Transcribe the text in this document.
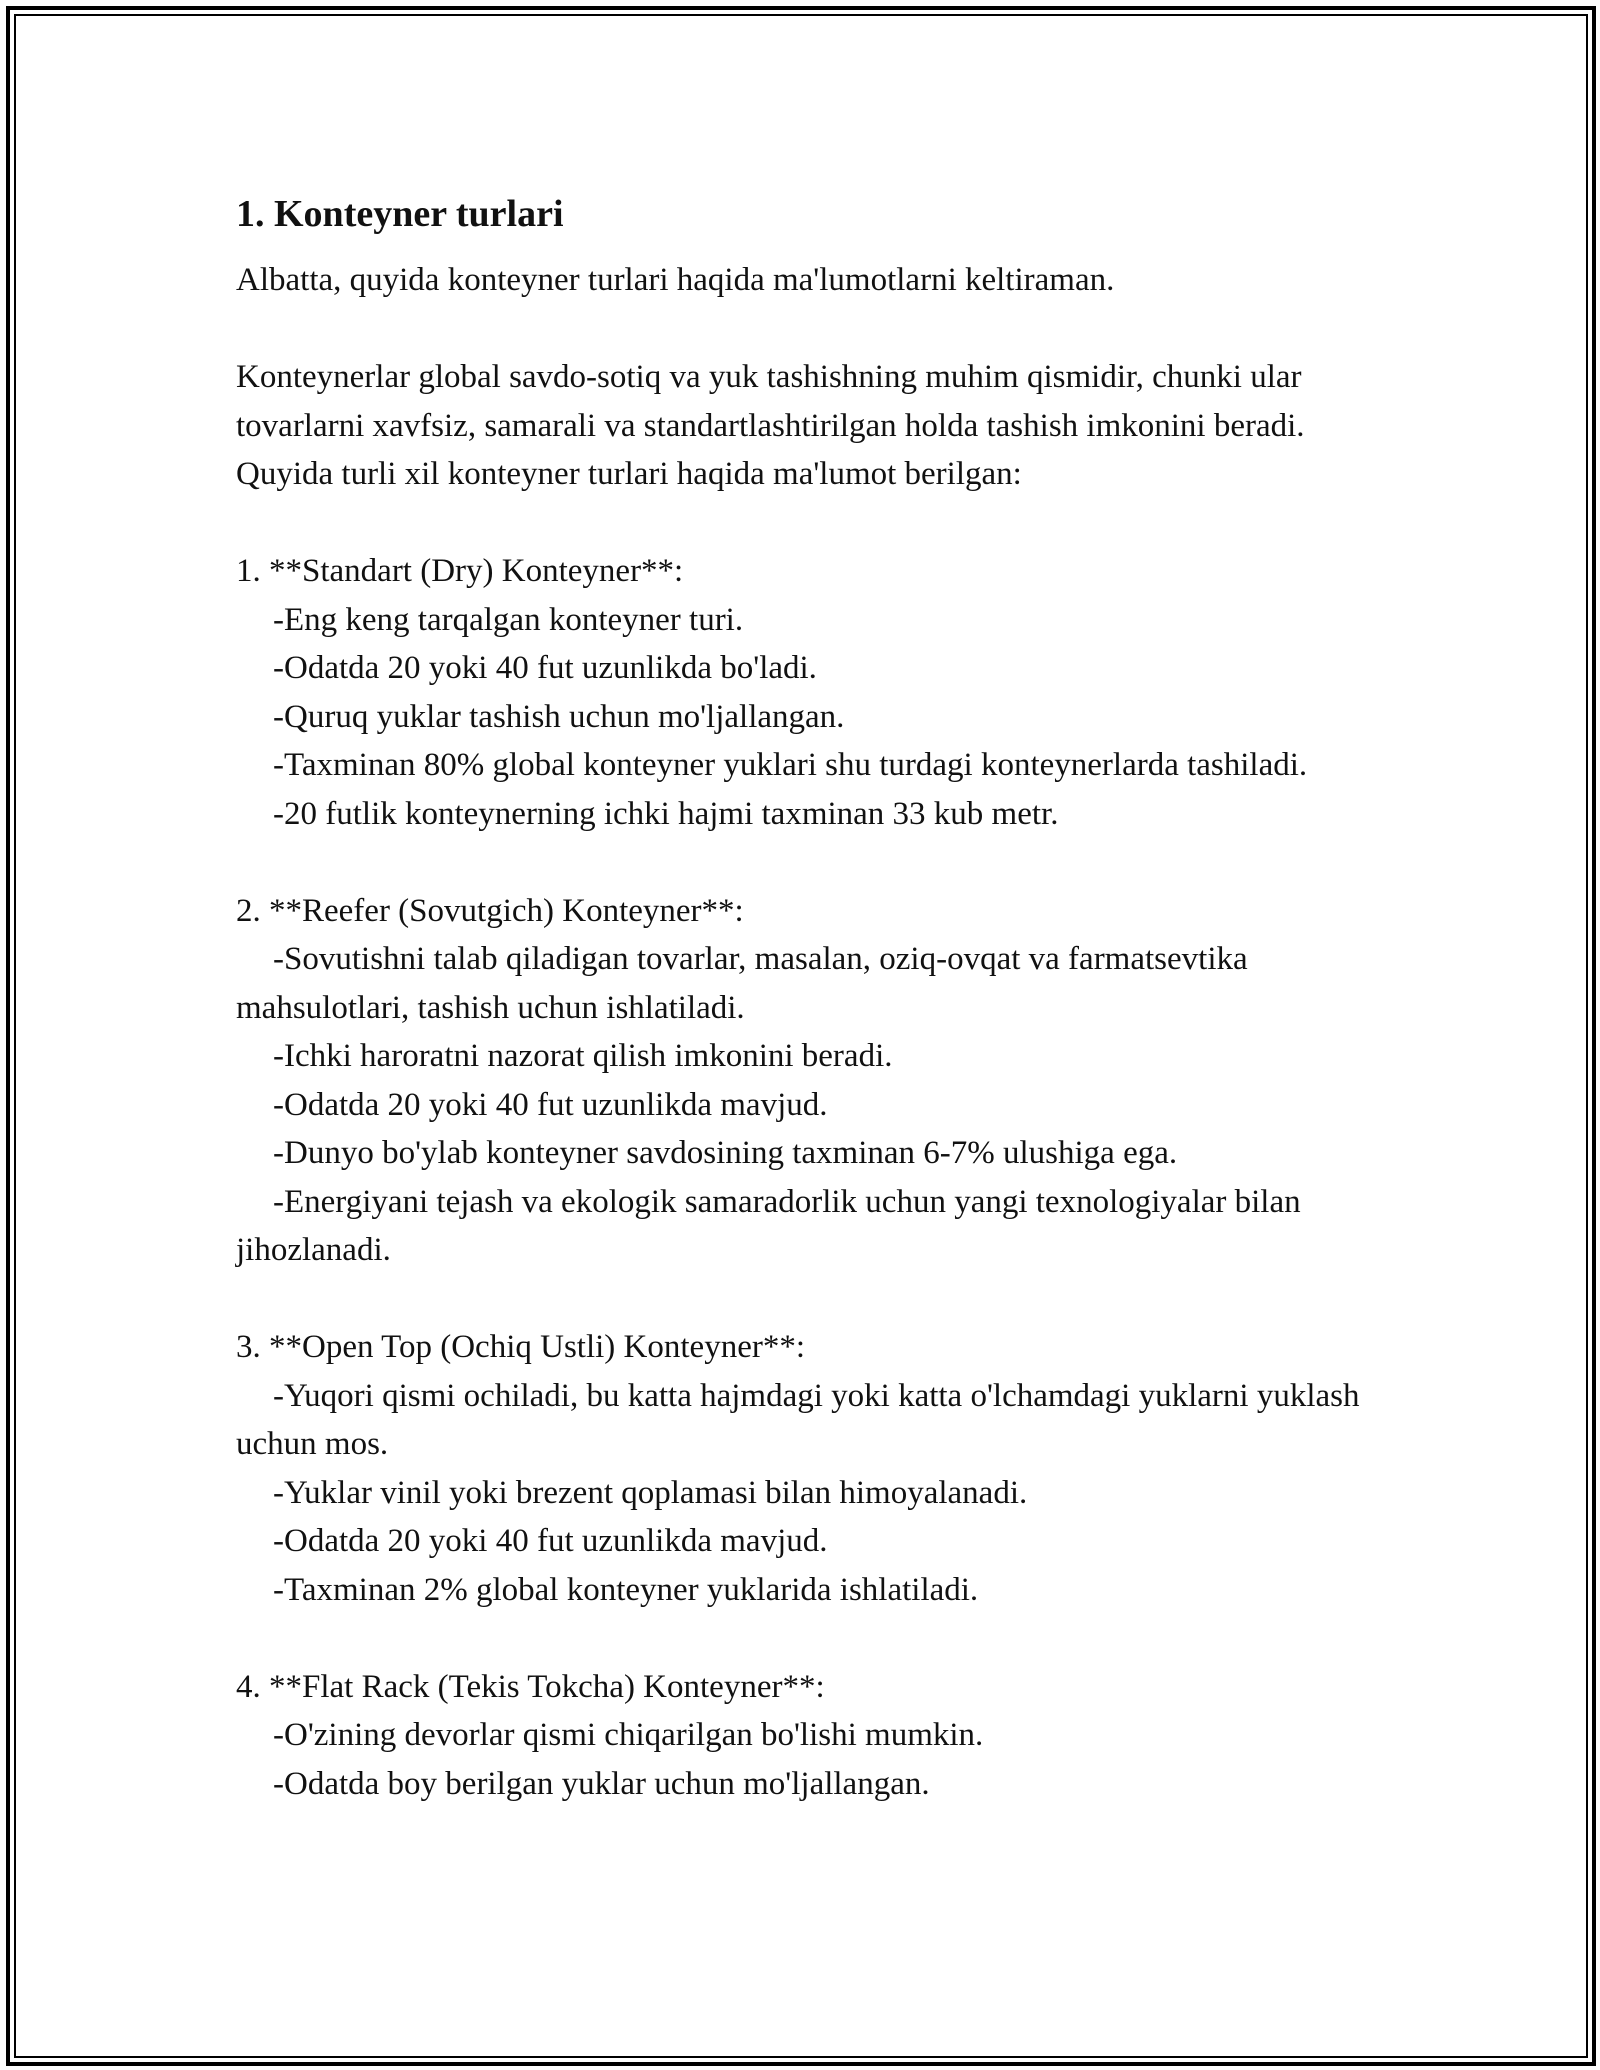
1. Konteyner turlari

Albatta, quyida konteyner turlari haqida ma'lumotlarni keltiraman.

Konteynerlar global savdo-sotiq va yuk tashishning muhim qismidir, chunki ular tovarlarni xavfsiz, samarali va standartlashtirilgan holda tashish imkonini beradi. Quyida turli xil konteyner turlari haqida ma'lumot berilgan:

1. **Standart (Dry) Konteyner**:

-Eng keng tarqalgan konteyner turi.

-Odatda 20 yoki 40 fut uzunlikda bo'ladi.

-Quruq yuklar tashish uchun mo'ljallangan.

-Taxminan 80% global konteyner yuklari shu turdagi konteynerlarda tashiladi.

-20 futlik konteynerning ichki hajmi taxminan 33 kub metr.

2. **Reefer (Sovutgich) Konteyner**:

-Sovutishni talab qiladigan tovarlar, masalan, oziq-ovqat va farmatsevtika mahsulotlari, tashish uchun ishlatiladi.

-Ichki haroratni nazorat qilish imkonini beradi.

-Odatda 20 yoki 40 fut uzunlikda mavjud.

-Dunyo bo'ylab konteyner savdosining taxminan 6-7% ulushiga ega.

-Energiyani tejash va ekologik samaradorlik uchun yangi texnologiyalar bilan jihozlanadi.

3. **Open Top (Ochiq Ustli) Konteyner**:

-Yuqori qismi ochiladi, bu katta hajmdagi yoki katta o'lchamdagi yuklarni yuklash uchun mos.

-Yuklar vinil yoki brezent qoplamasi bilan himoyalanadi.

-Odatda 20 yoki 40 fut uzunlikda mavjud.

-Taxminan 2% global konteyner yuklarida ishlatiladi.

4. **Flat Rack (Tekis Tokcha) Konteyner**:

-O'zining devorlar qismi chiqarilgan bo'lishi mumkin.

-Odatda boy berilgan yuklar uchun mo'ljallangan.
